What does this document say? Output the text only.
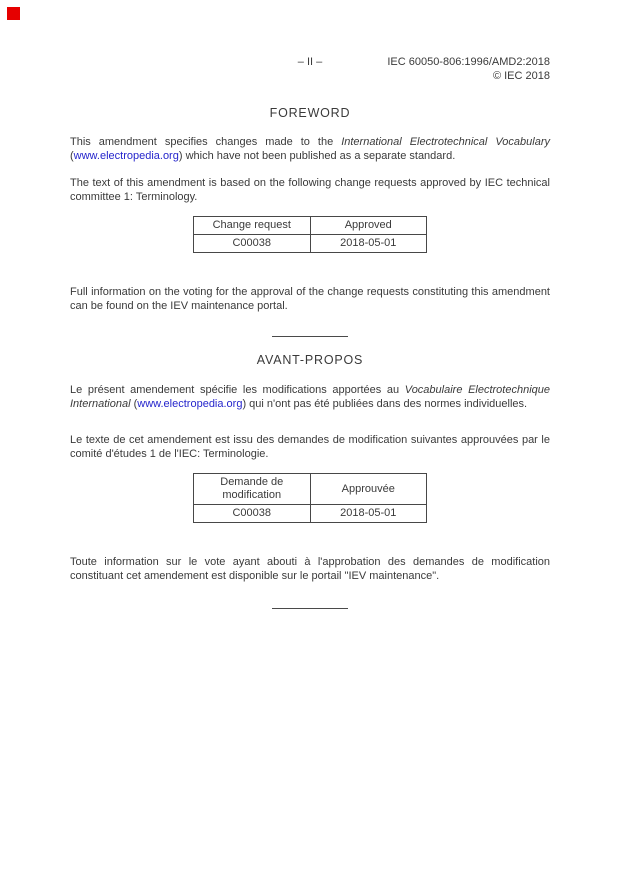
– II –	IEC 60050-806:1996/AMD2:2018
© IEC 2018
FOREWORD

This amendment specifies changes made to the International Electrotechnical Vocabulary (www.electropedia.org) which have not been published as a separate standard.

The text of this amendment is based on the following change requests approved by IEC technical committee 1: Terminology.

Change request	Approved
C00038	2018-05-01

Full information on the voting for the approval of the change requests constituting this amendment can be found on the IEV maintenance portal.

AVANT-PROPOS

Le présent amendement spécifie les modifications apportées au Vocabulaire Electrotechnique International (www.electropedia.org) qui n'ont pas été publiées dans des normes individuelles.

Le texte de cet amendement est issu des demandes de modification suivantes approuvées par le comité d'études 1 de l'IEC: Terminologie.

Demande de modification	Approuvée
C00038	2018-05-01

Toute information sur le vote ayant abouti à l'approbation des demandes de modification constituant cet amendement est disponible sur le portail "IEV maintenance".
